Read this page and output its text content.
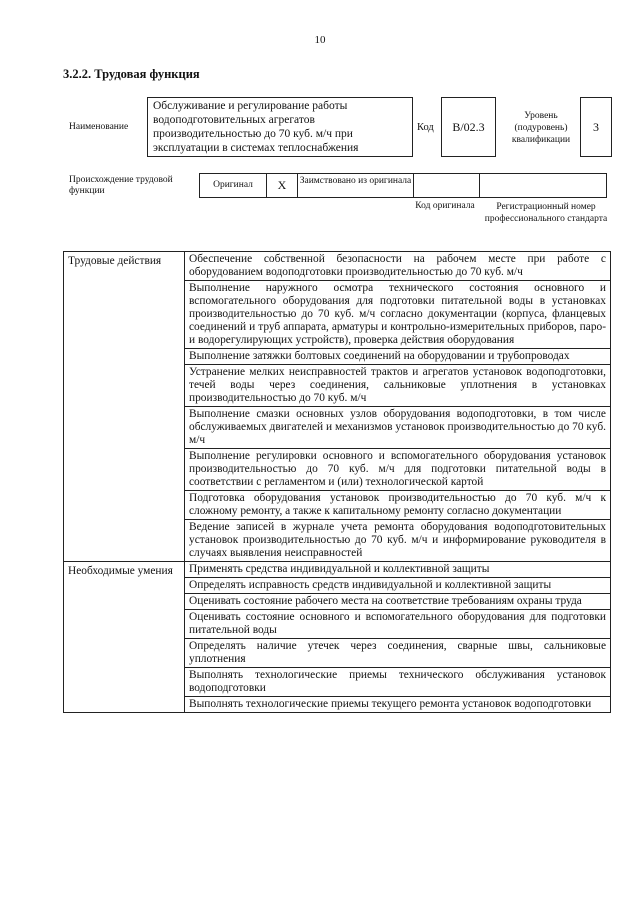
10
3.2.2. Трудовая функция
Наименование
Обслуживание и регулирование работы водоподготовительных агрегатов производительностью до 70 куб. м/ч при эксплуатации в системах теплоснабжения
Код	B/02.3
Уровень (подуровень) квалификации
3
Происхождение трудовой функции
Оригинал	X	Заимствовано из оригинала
Код оригинала	Регистрационный номер профессионального стандарта
Трудовые действия	Обеспечение собственной безопасности на рабочем месте при работе с оборудованием водоподготовки производительностью до 70 куб. м/ч
	Выполнение наружного осмотра технического состояния основного и вспомогательного оборудования для подготовки питательной воды в установках производительностью до 70 куб. м/ч согласно документации (корпуса, фланцевых соединений и труб аппарата, арматуры и контрольно-измерительных приборов, паро- и водорегулирующих устройств), проверка действия оборудования
	Выполнение затяжки болтовых соединений на оборудовании и трубопроводах
	Устранение мелких неисправностей трактов и агрегатов установок водоподготовки, течей воды через соединения, сальниковые уплотнения в установках производительностью до 70 куб. м/ч
	Выполнение смазки основных узлов оборудования водоподготовки, в том числе обслуживаемых двигателей и механизмов установок производительностью до 70 куб. м/ч
	Выполнение регулировки основного и вспомогательного оборудования установок производительностью до 70 куб. м/ч для подготовки питательной воды в соответствии с регламентом и (или) технологической картой
	Подготовка оборудования установок производительностью до 70 куб. м/ч к сложному ремонту, а также к капитальному ремонту согласно документации
	Ведение записей в журнале учета ремонта оборудования водоподготовительных установок производительностью до 70 куб. м/ч и информирование руководителя в случаях выявления неисправностей
Необходимые умения	Применять средства индивидуальной и коллективной защиты
	Определять исправность средств индивидуальной и коллективной защиты
	Оценивать состояние рабочего места на соответствие требованиям охраны труда
	Оценивать состояние основного и вспомогательного оборудования для подготовки питательной воды
	Определять наличие утечек через соединения, сварные швы, сальниковые уплотнения
	Выполнять технологические приемы технического обслуживания установок водоподготовки
	Выполнять технологические приемы текущего ремонта установок водоподготовки
